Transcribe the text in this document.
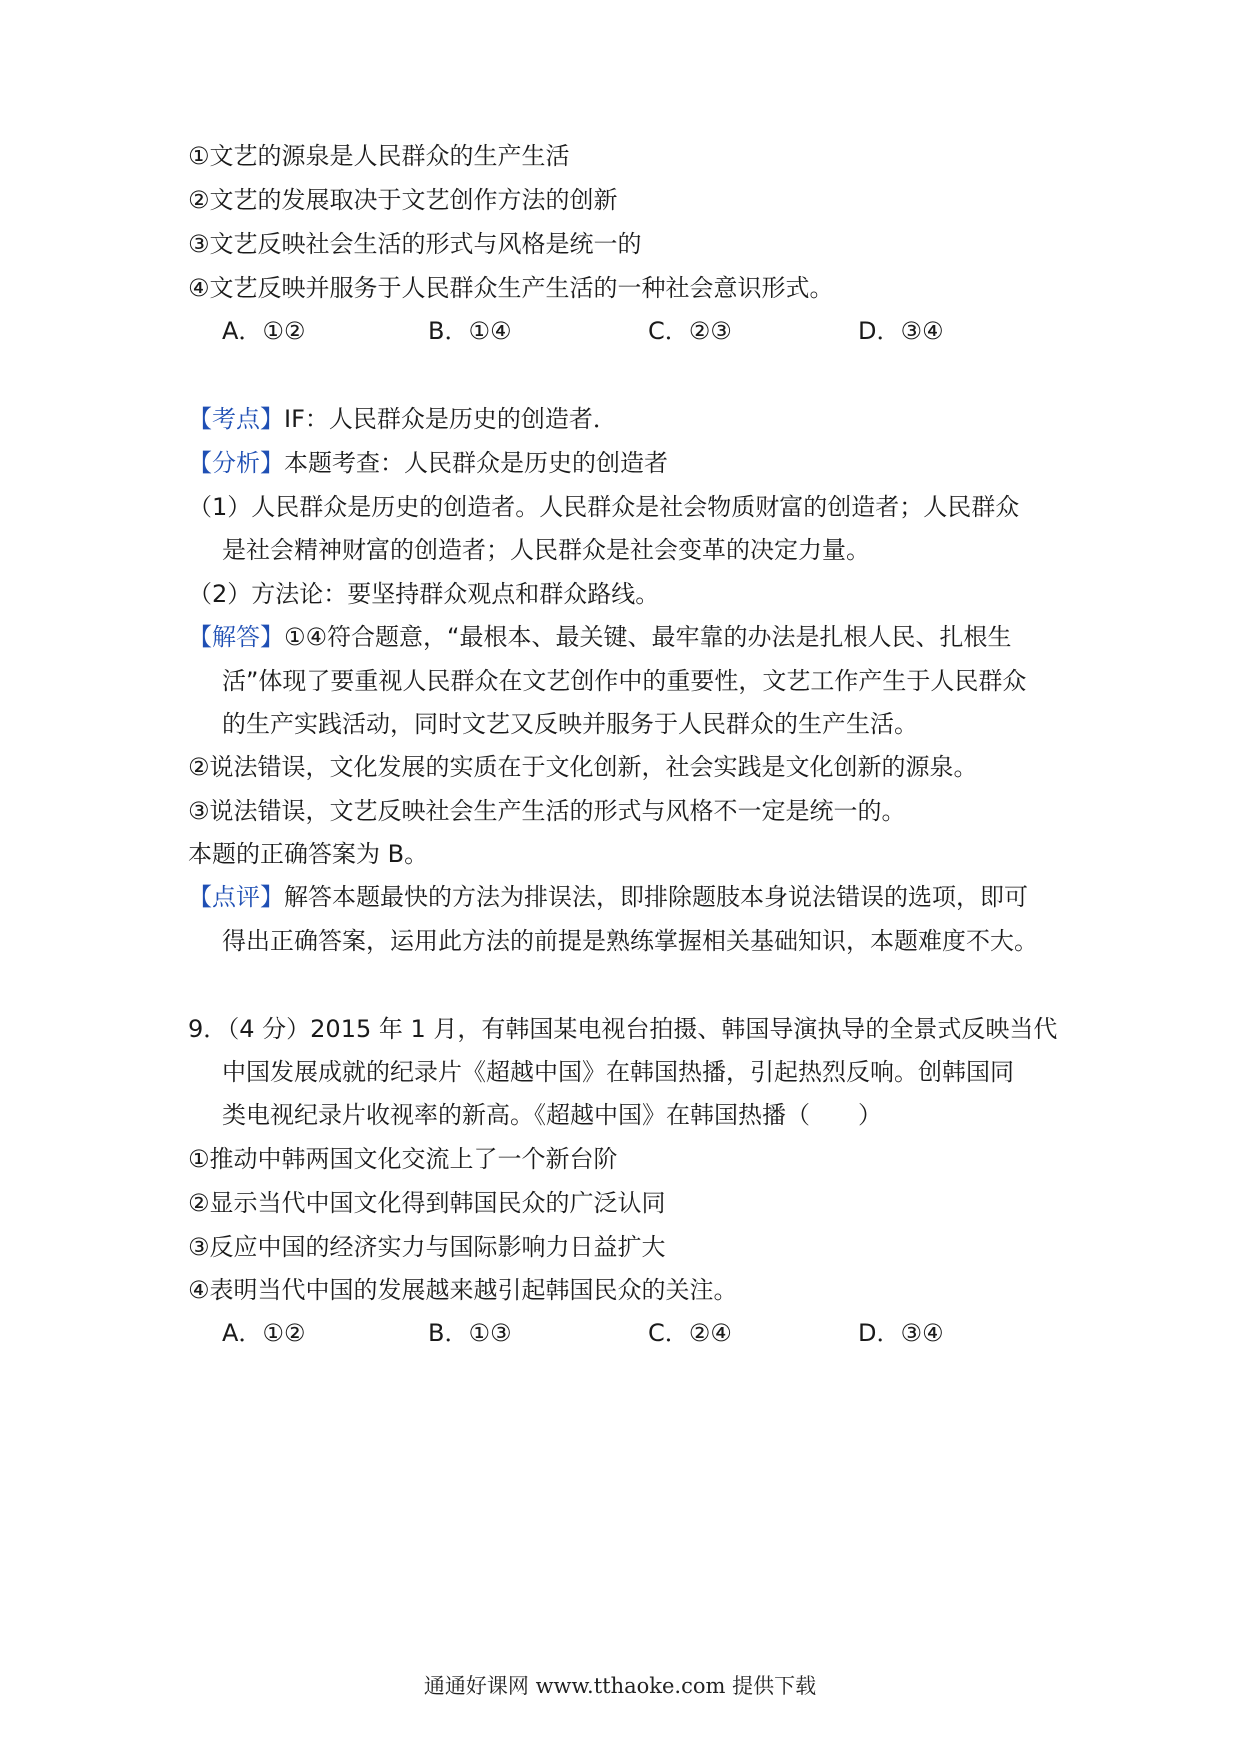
①文艺的源泉是人民群众的生产生活
②文艺的发展取决于文艺创作方法的创新
③文艺反映社会生活的形式与风格是统一的
④文艺反映并服务于人民群众生产生活的一种社会意识形式。
A．①②	B．①④	C．②③	D．③④
【考点】IF：人民群众是历史的创造者．
【分析】本题考查：人民群众是历史的创造者
（1）人民群众是历史的创造者。人民群众是社会物质财富的创造者；人民群众
是社会精神财富的创造者；人民群众是社会变革的决定力量。
（2）方法论：要坚持群众观点和群众路线。
【解答】①④符合题意，“最根本、最关键、最牢靠的办法是扎根人民、扎根生
活”体现了要重视人民群众在文艺创作中的重要性，文艺工作产生于人民群众
的生产实践活动，同时文艺又反映并服务于人民群众的生产生活。
②说法错误，文化发展的实质在于文化创新，社会实践是文化创新的源泉。
③说法错误，文艺反映社会生产生活的形式与风格不一定是统一的。
本题的正确答案为 B。
【点评】解答本题最快的方法为排误法，即排除题肢本身说法错误的选项，即可
得出正确答案，运用此方法的前提是熟练掌握相关基础知识，本题难度不大。
9．（4 分）2015 年 1 月，有韩国某电视台拍摄、韩国导演执导的全景式反映当代
中国发展成就的纪录片《超越中国》在韩国热播，引起热烈反响。创韩国同
类电视纪录片收视率的新高。《超越中国》在韩国热播（　　）
①推动中韩两国文化交流上了一个新台阶
②显示当代中国文化得到韩国民众的广泛认同
③反应中国的经济实力与国际影响力日益扩大
④表明当代中国的发展越来越引起韩国民众的关注。
A．①②	B．①③	C．②④	D．③④
通通好课网 www.tthaoke.com 提供下载
